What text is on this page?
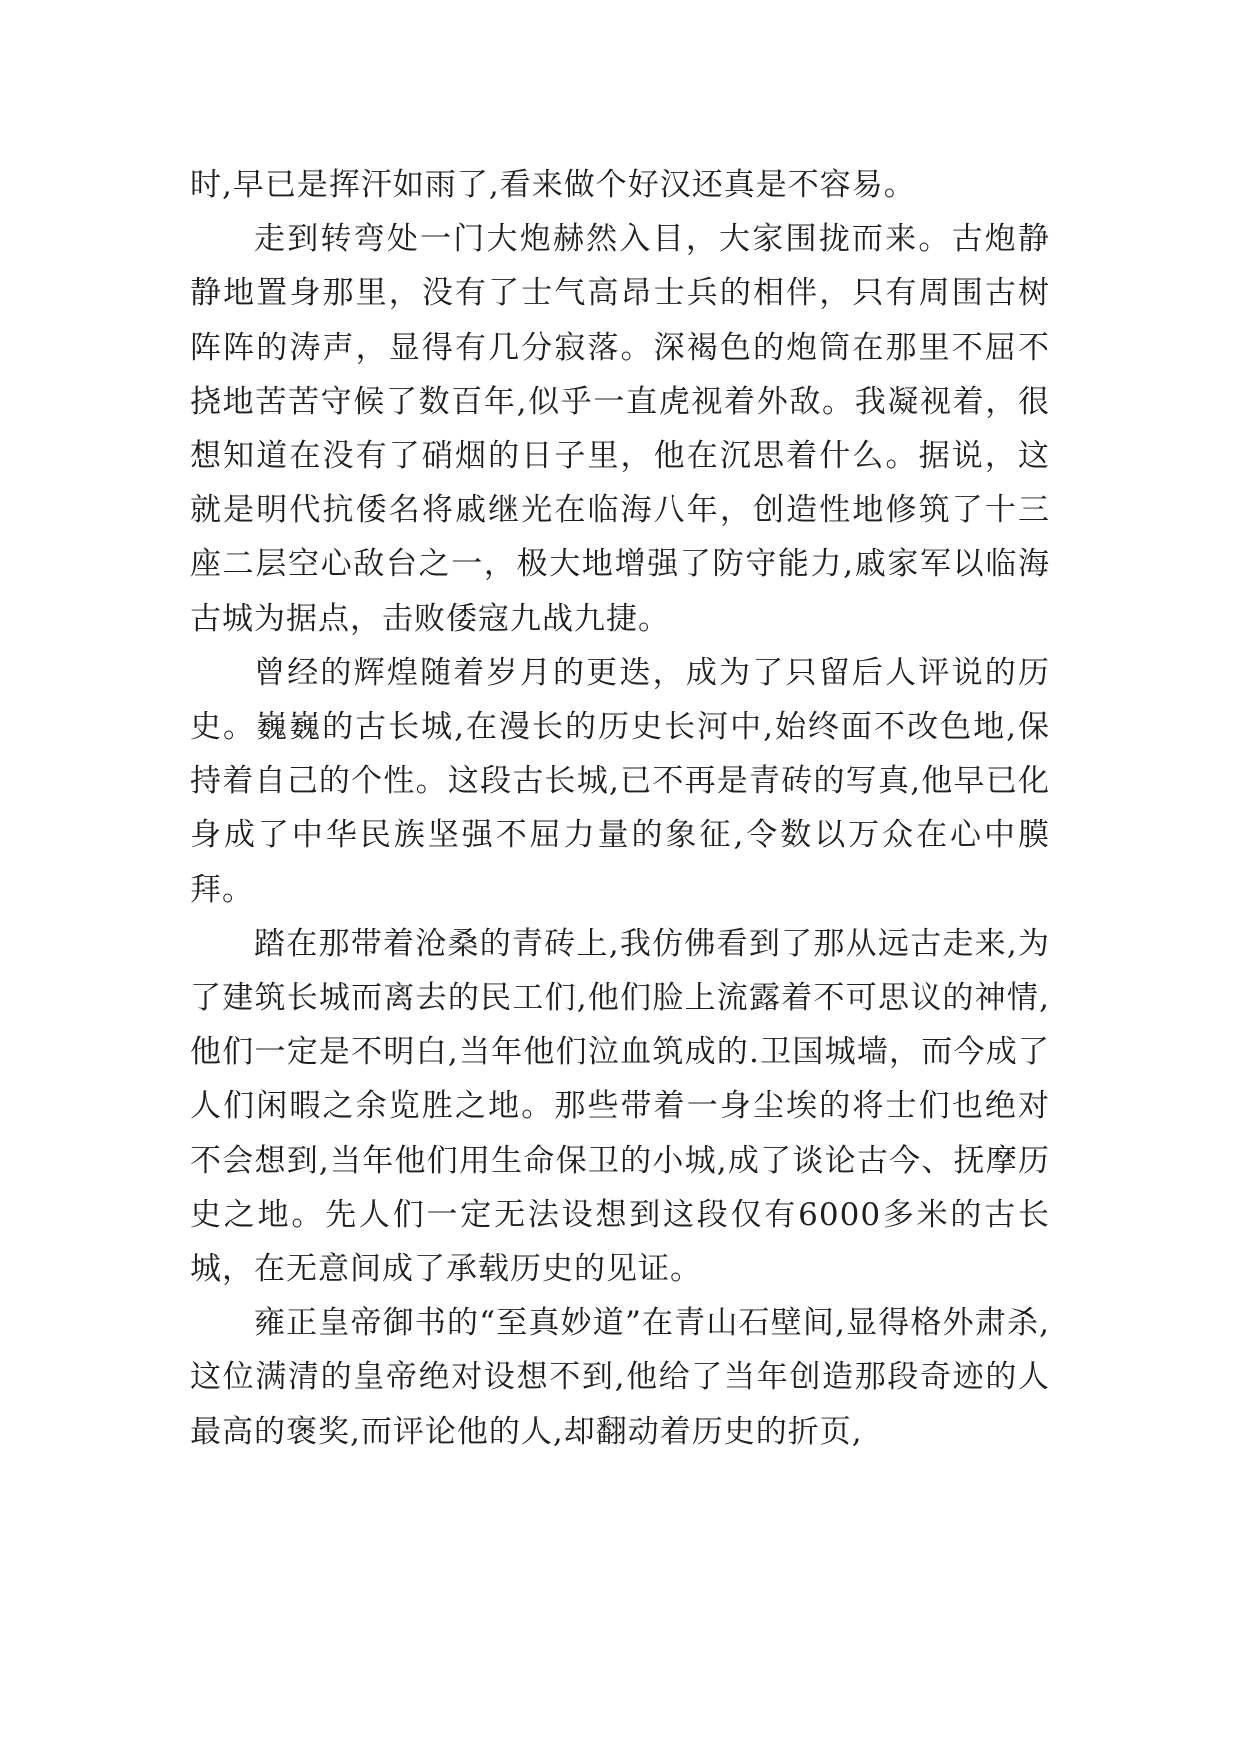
时,早已是挥汗如雨了,看来做个好汉还真是不容易。

走到转弯处一门大炮赫然入目，大家围拢而来。古炮静静地置身那里，没有了士气高昂士兵的相伴，只有周围古树阵阵的涛声，显得有几分寂落。深褐色的炮筒在那里不屈不挠地苦苦守候了数百年,似乎一直虎视着外敌。我凝视着，很想知道在没有了硝烟的日子里，他在沉思着什么。据说，这就是明代抗倭名将戚继光在临海八年，创造性地修筑了十三座二层空心敌台之一，极大地增强了防守能力,戚家军以临海古城为据点，击败倭寇九战九捷。

曾经的辉煌随着岁月的更迭，成为了只留后人评说的历史。巍巍的古长城,在漫长的历史长河中,始终面不改色地,保持着自己的个性。这段古长城,已不再是青砖的写真,他早已化身成了中华民族坚强不屈力量的象征,令数以万众在心中膜拜。

踏在那带着沧桑的青砖上,我仿佛看到了那从远古走来,为了建筑长城而离去的民工们,他们脸上流露着不可思议的神情,他们一定是不明白,当年他们泣血筑成的.卫国城墙，而今成了人们闲暇之余览胜之地。那些带着一身尘埃的将士们也绝对不会想到,当年他们用生命保卫的小城,成了谈论古今、抚摩历史之地。先人们一定无法设想到这段仅有6000多米的古长城，在无意间成了承载历史的见证。

雍正皇帝御书的“至真妙道”在青山石壁间,显得格外肃杀,这位满清的皇帝绝对设想不到,他给了当年创造那段奇迹的人最高的褒奖,而评论他的人,却翻动着历史的折页,
